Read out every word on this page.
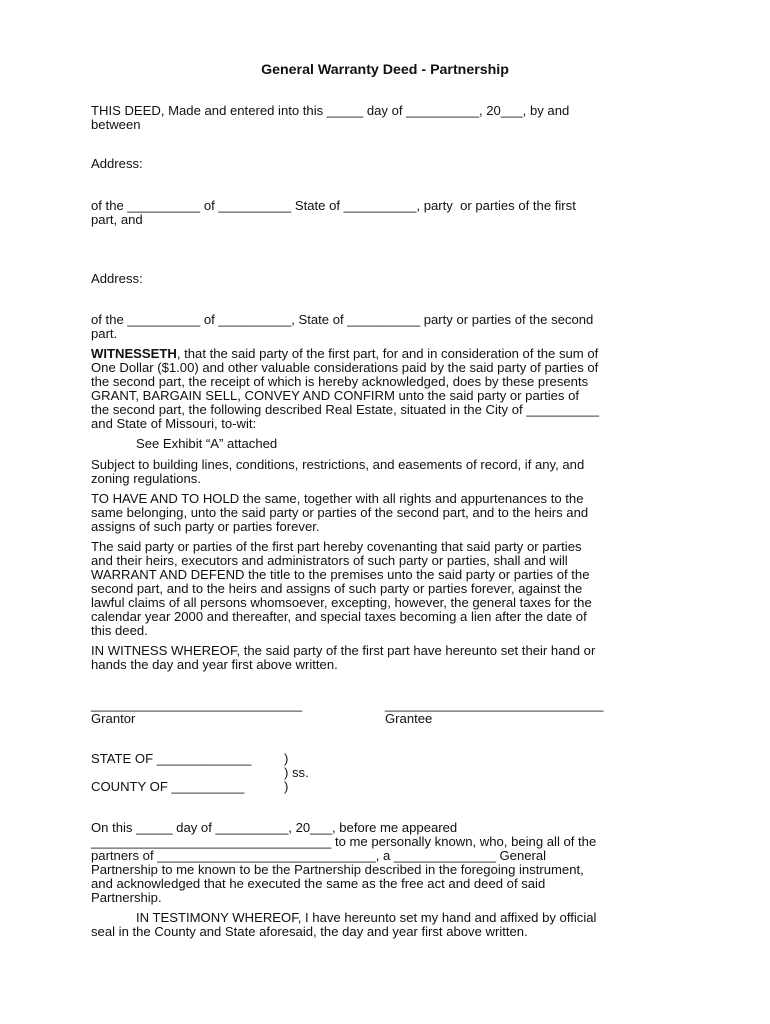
General Warranty Deed - Partnership

THIS DEED, Made and entered into this _____ day of __________, 20___, by and

between

Address:

of the __________ of __________ State of __________, party  or parties of the first

part, and

Address:

of the __________ of __________, State of __________ party or parties of the second

part.

WITNESSETH, that the said party of the first part, for and in consideration of the sum of

One Dollar ($1.00) and other valuable considerations paid by the said party of parties of

the second part, the receipt of which is hereby acknowledged, does by these presents

GRANT, BARGAIN SELL, CONVEY AND CONFIRM unto the said party or parties of

the second part, the following described Real Estate, situated in the City of __________

and State of Missouri, to-wit:

See Exhibit “A” attached

Subject to building lines, conditions, restrictions, and easements of record, if any, and

zoning regulations.

TO HAVE AND TO HOLD the same, together with all rights and appurtenances to the

same belonging, unto the said party or parties of the second part, and to the heirs and

assigns of such party or parties forever.

The said party or parties of the first part hereby covenanting that said party or parties

and their heirs, executors and administrators of such party or parties, shall and will

WARRANT AND DEFEND the title to the premises unto the said party or parties of the

second part, and to the heirs and assigns of such party or parties forever, against the

lawful claims of all persons whomsoever, excepting, however, the general taxes for the

calendar year 2000 and thereafter, and special taxes becoming a lien after the date of

this deed.

IN WITNESS WHEREOF, the said party of the first part have hereunto set their hand or

hands the day and year first above written.

_____________________________	______________________________

Grantor	Grantee

STATE OF _____________ )

) ss.

COUNTY OF __________	)

On this _____ day of __________, 20___, before me appeared

_________________________________ to me personally known, who, being all of the

partners of ______________________________, a ______________ General

Partnership to me known to be the Partnership described in the foregoing instrument,

and acknowledged that he executed the same as the free act and deed of said

Partnership.

IN TESTIMONY WHEREOF, I have hereunto set my hand and affixed by official

seal in the County and State aforesaid, the day and year first above written.
